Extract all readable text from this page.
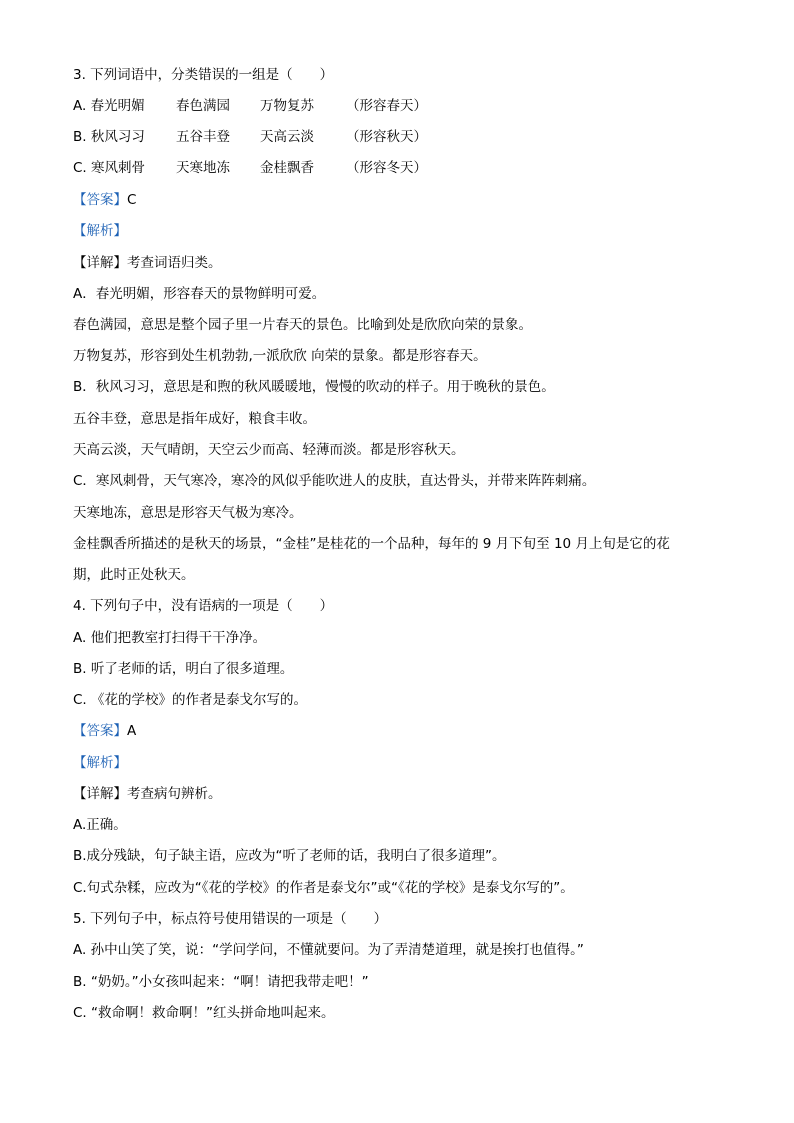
3. 下列词语中，分类错误的一组是（　　）
A. 春光明媚 春色满园 万物复苏 （形容春天）
B. 秋风习习 五谷丰登 天高云淡 （形容秋天）
C. 寒风刺骨 天寒地冻 金桂飘香 （形容冬天）
【答案】C
【解析】
【详解】考查词语归类。
A．春光明媚，形容春天的景物鲜明可爱。
春色满园，意思是整个园子里一片春天的景色。比喻到处是欣欣向荣的景象。
万物复苏，形容到处生机勃勃,一派欣欣 向荣的景象。都是形容春天。
B．秋风习习，意思是和煦的秋风暖暖地，慢慢的吹动的样子。用于晚秋的景色。
五谷丰登，意思是指年成好，粮食丰收。
天高云淡，天气晴朗，天空云少而高、轻薄而淡。都是形容秋天。
C．寒风刺骨，天气寒冷，寒冷的风似乎能吹进人的皮肤，直达骨头，并带来阵阵刺痛。
天寒地冻，意思是形容天气极为寒冷。
金桂飘香所描述的是秋天的场景，“金桂”是桂花的一个品种，每年的 9 月下旬至 10 月上旬是它的花
期，此时正处秋天。
4. 下列句子中，没有语病的一项是（　　）
A. 他们把教室打扫得干干净净。
B. 听了老师的话，明白了很多道理。
C. 《花的学校》的作者是泰戈尔写的。
【答案】A
【解析】
【详解】考查病句辨析。
A.正确。
B.成分残缺，句子缺主语，应改为“听了老师的话，我明白了很多道理”。
C.句式杂糅，应改为“《花的学校》的作者是泰戈尔”或“《花的学校》是泰戈尔写的”。
5. 下列句子中，标点符号使用错误的一项是（　　）
A. 孙中山笑了笑，说：“学问学问，不懂就要问。为了弄清楚道理，就是挨打也值得。”
B. “奶奶。”小女孩叫起来：“啊！请把我带走吧！”
C. “救命啊！救命啊！”红头拼命地叫起来。
